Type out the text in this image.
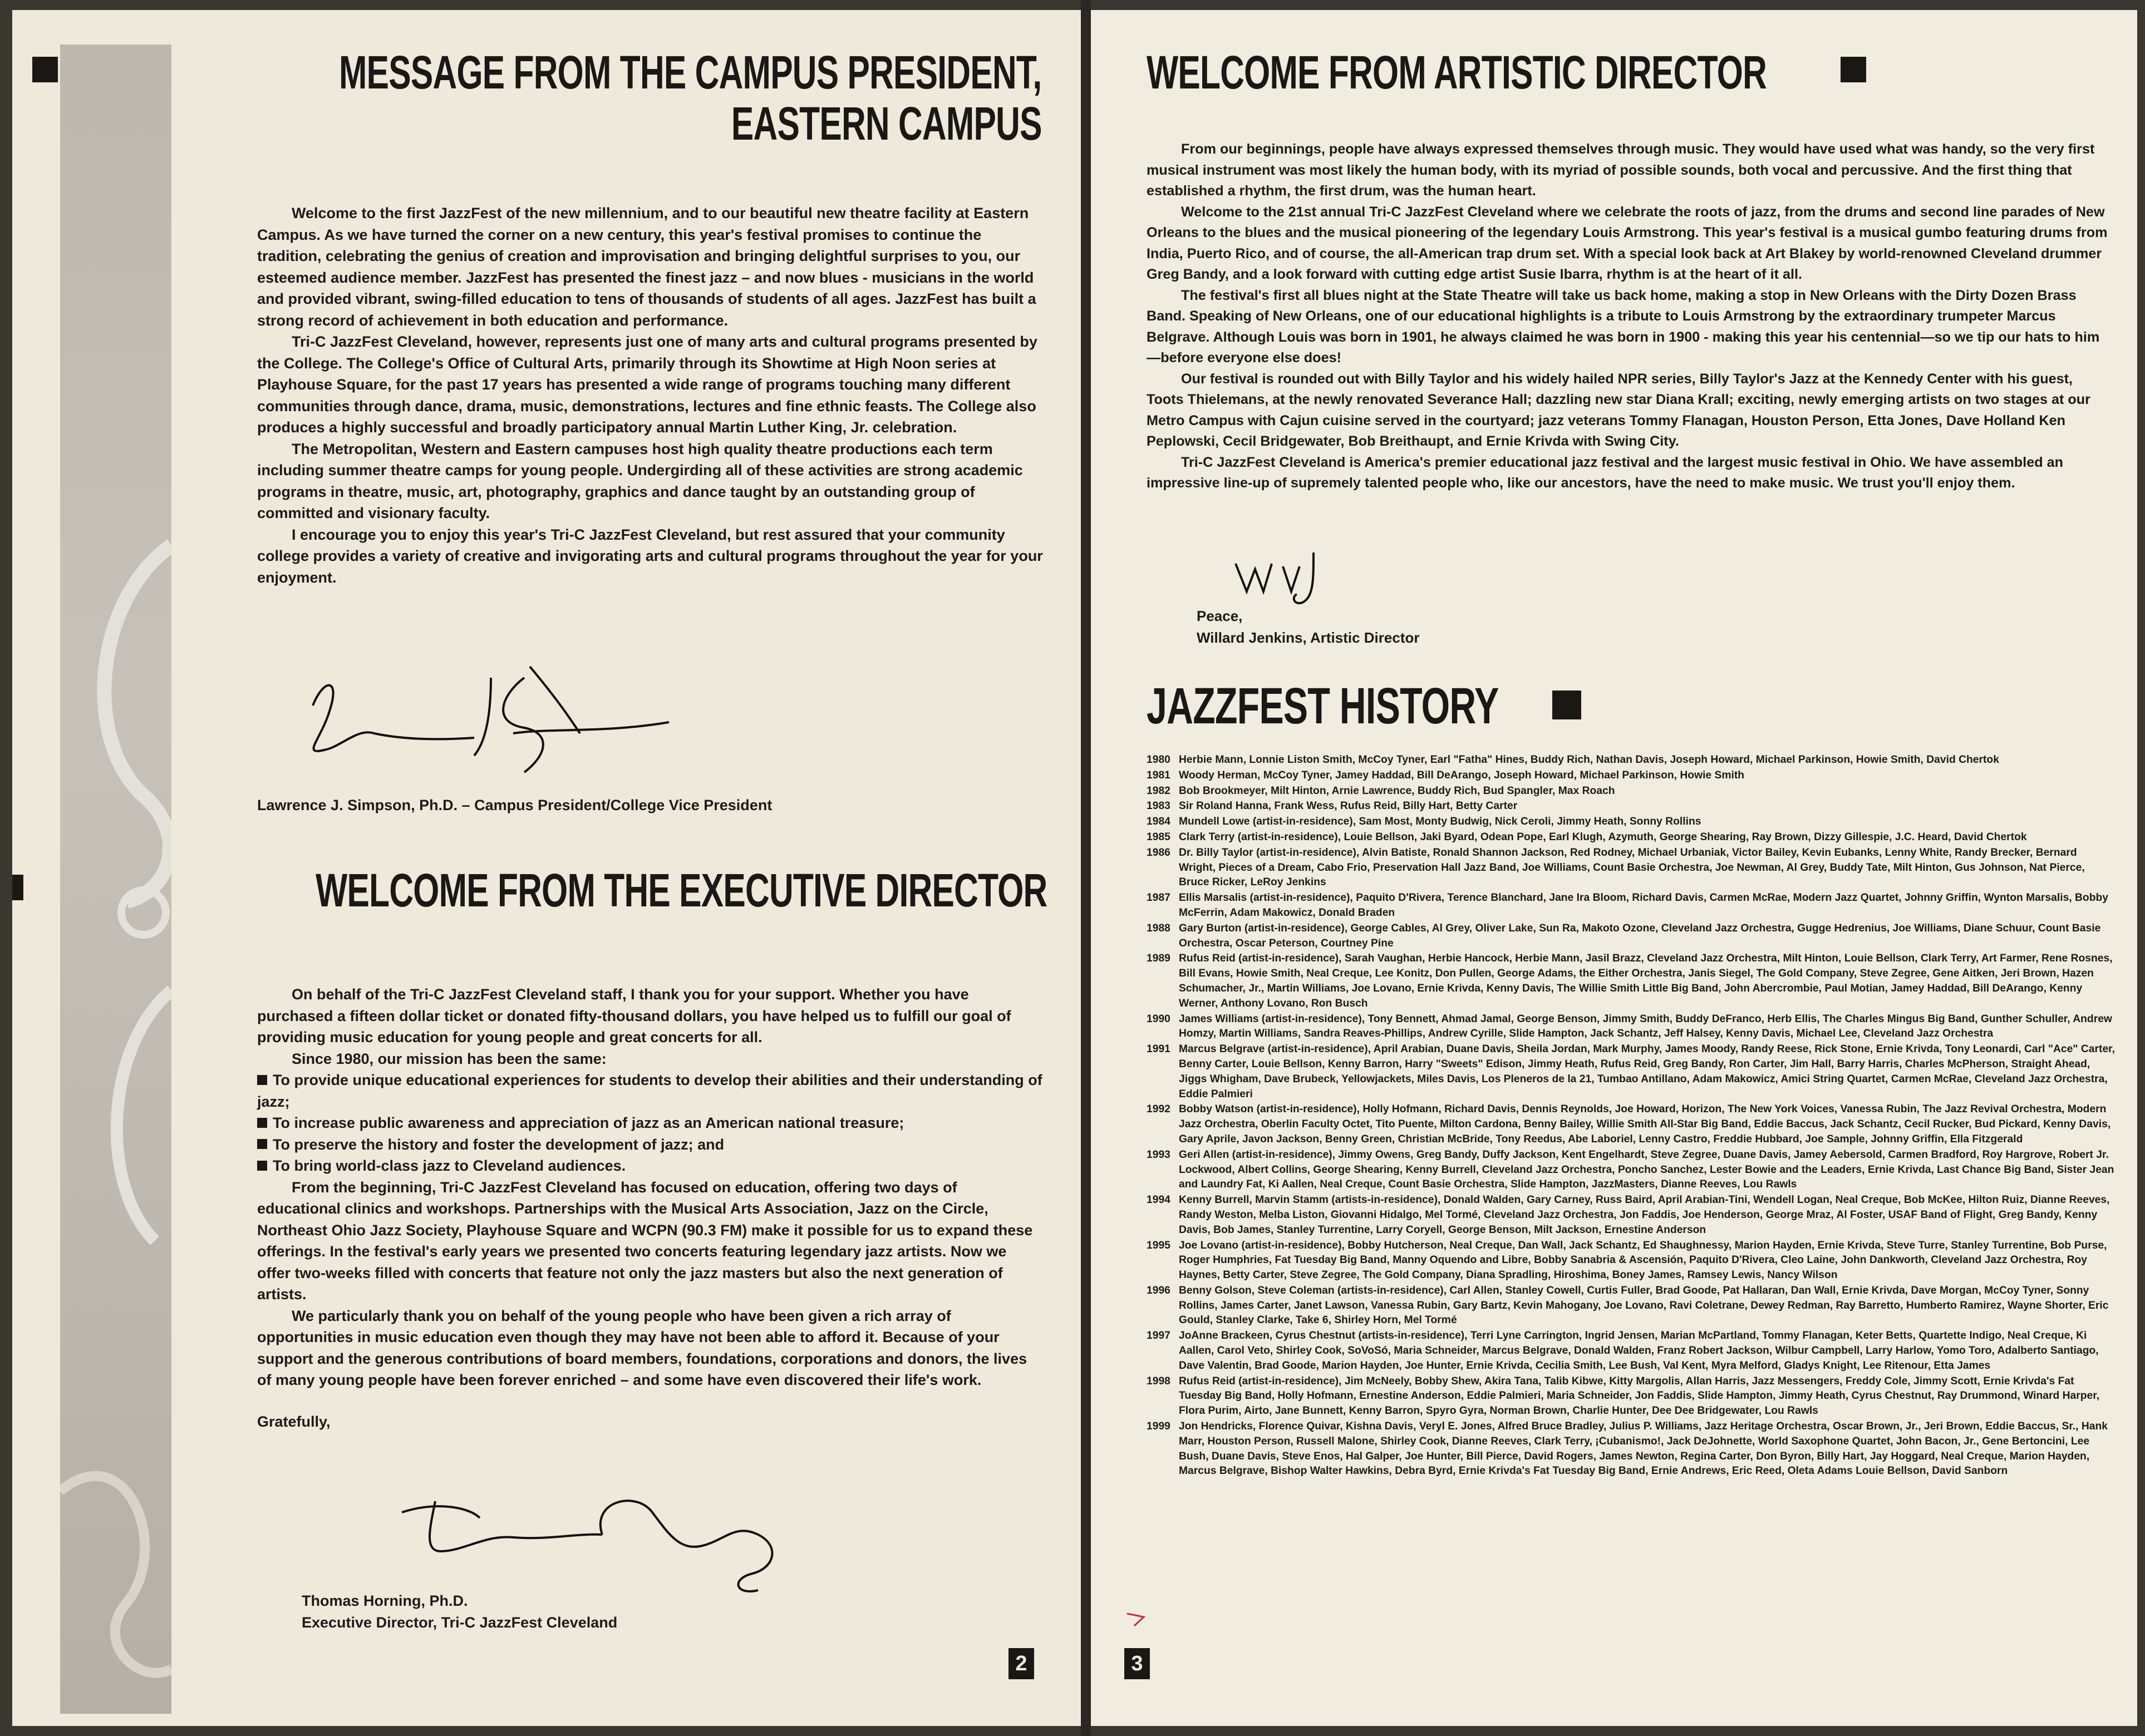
MESSAGE FROM THE CAMPUS PRESIDENT,
EASTERN CAMPUS

Welcome to the first JazzFest of the new millennium, and to our beautiful new theatre facility at Eastern Campus. As we have turned the corner on a new century, this year's festival promises to continue the tradition, celebrating the genius of creation and improvisation and bringing delightful surprises to you, our esteemed audience member. JazzFest has presented the finest jazz – and now blues - musicians in the world and provided vibrant, swing-filled education to tens of thousands of students of all ages. JazzFest has built a strong record of achievement in both education and performance.

Tri-C JazzFest Cleveland, however, represents just one of many arts and cultural programs presented by the College. The College's Office of Cultural Arts, primarily through its Showtime at High Noon series at Playhouse Square, for the past 17 years has presented a wide range of programs touching many different communities through dance, drama, music, demonstrations, lectures and fine ethnic feasts. The College also produces a highly successful and broadly participatory annual Martin Luther King, Jr. celebration.

The Metropolitan, Western and Eastern campuses host high quality theatre productions each term including summer theatre camps for young people. Undergirding all of these activities are strong academic programs in theatre, music, art, photography, graphics and dance taught by an outstanding group of committed and visionary faculty.

I encourage you to enjoy this year's Tri-C JazzFest Cleveland, but rest assured that your community college provides a variety of creative and invigorating arts and cultural programs throughout the year for your enjoyment.

Lawrence J. Simpson, Ph.D. – Campus President/College Vice President
WELCOME FROM THE EXECUTIVE DIRECTOR

On behalf of the Tri-C JazzFest Cleveland staff, I thank you for your support. Whether you have purchased a fifteen dollar ticket or donated fifty-thousand dollars, you have helped us to fulfill our goal of providing music education for young people and great concerts for all.

Since 1980, our mission has been the same:

To provide unique educational experiences for students to develop their abilities and their understanding of jazz;

To increase public awareness and appreciation of jazz as an American national treasure;

To preserve the history and foster the development of jazz; and

To bring world-class jazz to Cleveland audiences.

From the beginning, Tri-C JazzFest Cleveland has focused on education, offering two days of educational clinics and workshops. Partnerships with the Musical Arts Association, Jazz on the Circle, Northeast Ohio Jazz Society, Playhouse Square and WCPN (90.3 FM) make it possible for us to expand these offerings. In the festival's early years we presented two concerts featuring legendary jazz artists. Now we offer two-weeks filled with concerts that feature not only the jazz masters but also the next generation of artists.

We particularly thank you on behalf of the young people who have been given a rich array of opportunities in music education even though they may have not been able to afford it. Because of your support and the generous contributions of board members, foundations, corporations and donors, the lives of many young people have been forever enriched – and some have even discovered their life's work.

Gratefully,

Thomas Horning, Ph.D.

Executive Director, Tri-C JazzFest Cleveland

2
WELCOME FROM ARTISTIC DIRECTOR

From our beginnings, people have always expressed themselves through music. They would have used what was handy, so the very first musical instrument was most likely the human body, with its myriad of possible sounds, both vocal and percussive. And the first thing that established a rhythm, the first drum, was the human heart.

Welcome to the 21st annual Tri-C JazzFest Cleveland where we celebrate the roots of jazz, from the drums and second line parades of New Orleans to the blues and the musical pioneering of the legendary Louis Armstrong. This year's festival is a musical gumbo featuring drums from India, Puerto Rico, and of course, the all-American trap drum set. With a special look back at Art Blakey by world-renowned Cleveland drummer Greg Bandy, and a look forward with cutting edge artist Susie Ibarra, rhythm is at the heart of it all.

The festival's first all blues night at the State Theatre will take us back home, making a stop in New Orleans with the Dirty Dozen Brass Band. Speaking of New Orleans, one of our educational highlights is a tribute to Louis Armstrong by the extraordinary trumpeter Marcus Belgrave. Although Louis was born in 1901, he always claimed he was born in 1900 - making this year his centennial—so we tip our hats to him—before everyone else does!

Our festival is rounded out with Billy Taylor and his widely hailed NPR series, Billy Taylor's Jazz at the Kennedy Center with his guest, Toots Thielemans, at the newly renovated Severance Hall; dazzling new star Diana Krall; exciting, newly emerging artists on two stages at our Metro Campus with Cajun cuisine served in the courtyard; jazz veterans Tommy Flanagan, Houston Person, Etta Jones, Dave Holland Ken Peplowski, Cecil Bridgewater, Bob Breithaupt, and Ernie Krivda with Swing City.

Tri-C JazzFest Cleveland is America's premier educational jazz festival and the largest music festival in Ohio. We have assembled an impressive line-up of supremely talented people who, like our ancestors, have the need to make music. We trust you'll enjoy them.

Peace,

Willard Jenkins, Artistic Director

JAZZFEST HISTORY
1980 Herbie Mann, Lonnie Liston Smith, McCoy Tyner, Earl "Fatha" Hines, Buddy Rich, Nathan Davis, Joseph Howard, Michael Parkinson, Howie Smith, David Chertok
1981 Woody Herman, McCoy Tyner, Jamey Haddad, Bill DeArango, Joseph Howard, Michael Parkinson, Howie Smith
1982 Bob Brookmeyer, Milt Hinton, Arnie Lawrence, Buddy Rich, Bud Spangler, Max Roach
1983 Sir Roland Hanna, Frank Wess, Rufus Reid, Billy Hart, Betty Carter
1984 Mundell Lowe (artist-in-residence), Sam Most, Monty Budwig, Nick Ceroli, Jimmy Heath, Sonny Rollins
1985 Clark Terry (artist-in-residence), Louie Bellson, Jaki Byard, Odean Pope, Earl Klugh, Azymuth, George Shearing, Ray Brown, Dizzy Gillespie, J.C. Heard, David Chertok
1986 Dr. Billy Taylor (artist-in-residence), Alvin Batiste, Ronald Shannon Jackson, Red Rodney, Michael Urbaniak, Victor Bailey, Kevin Eubanks, Lenny White, Randy Brecker, Bernard Wright, Pieces of a Dream, Cabo Frio, Preservation Hall Jazz Band, Joe Williams, Count Basie Orchestra, Joe Newman, Al Grey, Buddy Tate, Milt Hinton, Gus Johnson, Nat Pierce, Bruce Ricker, LeRoy Jenkins
1987 Ellis Marsalis (artist-in-residence), Paquito D'Rivera, Terence Blanchard, Jane Ira Bloom, Richard Davis, Carmen McRae, Modern Jazz Quartet, Johnny Griffin, Wynton Marsalis, Bobby McFerrin, Adam Makowicz, Donald Braden
1988 Gary Burton (artist-in-residence), George Cables, Al Grey, Oliver Lake, Sun Ra, Makoto Ozone, Cleveland Jazz Orchestra, Gugge Hedrenius, Joe Williams, Diane Schuur, Count Basie Orchestra, Oscar Peterson, Courtney Pine
1989 Rufus Reid (artist-in-residence), Sarah Vaughan, Herbie Hancock, Herbie Mann, Jasil Brazz, Cleveland Jazz Orchestra, Milt Hinton, Louie Bellson, Clark Terry, Art Farmer, Rene Rosnes, Bill Evans, Howie Smith, Neal Creque, Lee Konitz, Don Pullen, George Adams, the Either Orchestra, Janis Siegel, The Gold Company, Steve Zegree, Gene Aitken, Jeri Brown, Hazen Schumacher, Jr., Martin Williams, Joe Lovano, Ernie Krivda, Kenny Davis, The Willie Smith Little Big Band, John Abercrombie, Paul Motian, Jamey Haddad, Bill DeArango, Kenny Werner, Anthony Lovano, Ron Busch
1990 James Williams (artist-in-residence), Tony Bennett, Ahmad Jamal, George Benson, Jimmy Smith, Buddy DeFranco, Herb Ellis, The Charles Mingus Big Band, Gunther Schuller, Andrew Homzy, Martin Williams, Sandra Reaves-Phillips, Andrew Cyrille, Slide Hampton, Jack Schantz, Jeff Halsey, Kenny Davis, Michael Lee, Cleveland Jazz Orchestra
1991 Marcus Belgrave (artist-in-residence), April Arabian, Duane Davis, Sheila Jordan, Mark Murphy, James Moody, Randy Reese, Rick Stone, Ernie Krivda, Tony Leonardi, Carl "Ace" Carter, Benny Carter, Louie Bellson, Kenny Barron, Harry "Sweets" Edison, Jimmy Heath, Rufus Reid, Greg Bandy, Ron Carter, Jim Hall, Barry Harris, Charles McPherson, Straight Ahead, Jiggs Whigham, Dave Brubeck, Yellowjackets, Miles Davis, Los Pleneros de la 21, Tumbao Antillano, Adam Makowicz, Amici String Quartet, Carmen McRae, Cleveland Jazz Orchestra, Eddie Palmieri
1992 Bobby Watson (artist-in-residence), Holly Hofmann, Richard Davis, Dennis Reynolds, Joe Howard, Horizon, The New York Voices, Vanessa Rubin, The Jazz Revival Orchestra, Modern Jazz Orchestra, Oberlin Faculty Octet, Tito Puente, Milton Cardona, Benny Bailey, Willie Smith All-Star Big Band, Eddie Baccus, Jack Schantz, Cecil Rucker, Bud Pickard, Kenny Davis, Gary Aprile, Javon Jackson, Benny Green, Christian McBride, Tony Reedus, Abe Laboriel, Lenny Castro, Freddie Hubbard, Joe Sample, Johnny Griffin, Ella Fitzgerald
1993 Geri Allen (artist-in-residence), Jimmy Owens, Greg Bandy, Duffy Jackson, Kent Engelhardt, Steve Zegree, Duane Davis, Jamey Aebersold, Carmen Bradford, Roy Hargrove, Robert Jr. Lockwood, Albert Collins, George Shearing, Kenny Burrell, Cleveland Jazz Orchestra, Poncho Sanchez, Lester Bowie and the Leaders, Ernie Krivda, Last Chance Big Band, Sister Jean and Laundry Fat, Ki Aallen, Neal Creque, Count Basie Orchestra, Slide Hampton, JazzMasters, Dianne Reeves, Lou Rawls
1994 Kenny Burrell, Marvin Stamm (artists-in-residence), Donald Walden, Gary Carney, Russ Baird, April Arabian-Tini, Wendell Logan, Neal Creque, Bob McKee, Hilton Ruiz, Dianne Reeves, Randy Weston, Melba Liston, Giovanni Hidalgo, Mel Tormé, Cleveland Jazz Orchestra, Jon Faddis, Joe Henderson, George Mraz, Al Foster, USAF Band of Flight, Greg Bandy, Kenny Davis, Bob James, Stanley Turrentine, Larry Coryell, George Benson, Milt Jackson, Ernestine Anderson
1995 Joe Lovano (artist-in-residence), Bobby Hutcherson, Neal Creque, Dan Wall, Jack Schantz, Ed Shaughnessy, Marion Hayden, Ernie Krivda, Steve Turre, Stanley Turrentine, Bob Purse, Roger Humphries, Fat Tuesday Big Band, Manny Oquendo and Libre, Bobby Sanabria & Ascensión, Paquito D'Rivera, Cleo Laine, John Dankworth, Cleveland Jazz Orchestra, Roy Haynes, Betty Carter, Steve Zegree, The Gold Company, Diana Spradling, Hiroshima, Boney James, Ramsey Lewis, Nancy Wilson
1996 Benny Golson, Steve Coleman (artists-in-residence), Carl Allen, Stanley Cowell, Curtis Fuller, Brad Goode, Pat Hallaran, Dan Wall, Ernie Krivda, Dave Morgan, McCoy Tyner, Sonny Rollins, James Carter, Janet Lawson, Vanessa Rubin, Gary Bartz, Kevin Mahogany, Joe Lovano, Ravi Coletrane, Dewey Redman, Ray Barretto, Humberto Ramirez, Wayne Shorter, Eric Gould, Stanley Clarke, Take 6, Shirley Horn, Mel Tormé
1997 JoAnne Brackeen, Cyrus Chestnut (artists-in-residence), Terri Lyne Carrington, Ingrid Jensen, Marian McPartland, Tommy Flanagan, Keter Betts, Quartette Indigo, Neal Creque, Ki Aallen, Carol Veto, Shirley Cook, SoVoSó, Maria Schneider, Marcus Belgrave, Donald Walden, Franz Robert Jackson, Wilbur Campbell, Larry Harlow, Yomo Toro, Adalberto Santiago, Dave Valentin, Brad Goode, Marion Hayden, Joe Hunter, Ernie Krivda, Cecilia Smith, Lee Bush, Val Kent, Myra Melford, Gladys Knight, Lee Ritenour, Etta James
1998 Rufus Reid (artist-in-residence), Jim McNeely, Bobby Shew, Akira Tana, Talib Kibwe, Kitty Margolis, Allan Harris, Jazz Messengers, Freddy Cole, Jimmy Scott, Ernie Krivda's Fat Tuesday Big Band, Holly Hofmann, Ernestine Anderson, Eddie Palmieri, Maria Schneider, Jon Faddis, Slide Hampton, Jimmy Heath, Cyrus Chestnut, Ray Drummond, Winard Harper, Flora Purim, Airto, Jane Bunnett, Kenny Barron, Spyro Gyra, Norman Brown, Charlie Hunter, Dee Dee Bridgewater, Lou Rawls
1999 Jon Hendricks, Florence Quivar, Kishna Davis, Veryl E. Jones, Alfred Bruce Bradley, Julius P. Williams, Jazz Heritage Orchestra, Oscar Brown, Jr., Jeri Brown, Eddie Baccus, Sr., Hank Marr, Houston Person, Russell Malone, Shirley Cook, Dianne Reeves, Clark Terry, ¡Cubanismo!, Jack DeJohnette, World Saxophone Quartet, John Bacon, Jr., Gene Bertoncini, Lee Bush, Duane Davis, Steve Enos, Hal Galper, Joe Hunter, Bill Pierce, David Rogers, James Newton, Regina Carter, Don Byron, Billy Hart, Jay Hoggard, Neal Creque, Marion Hayden, Marcus Belgrave, Bishop Walter Hawkins, Debra Byrd, Ernie Krivda's Fat Tuesday Big Band, Ernie Andrews, Eric Reed, Oleta Adams Louie Bellson, David Sanborn
3
